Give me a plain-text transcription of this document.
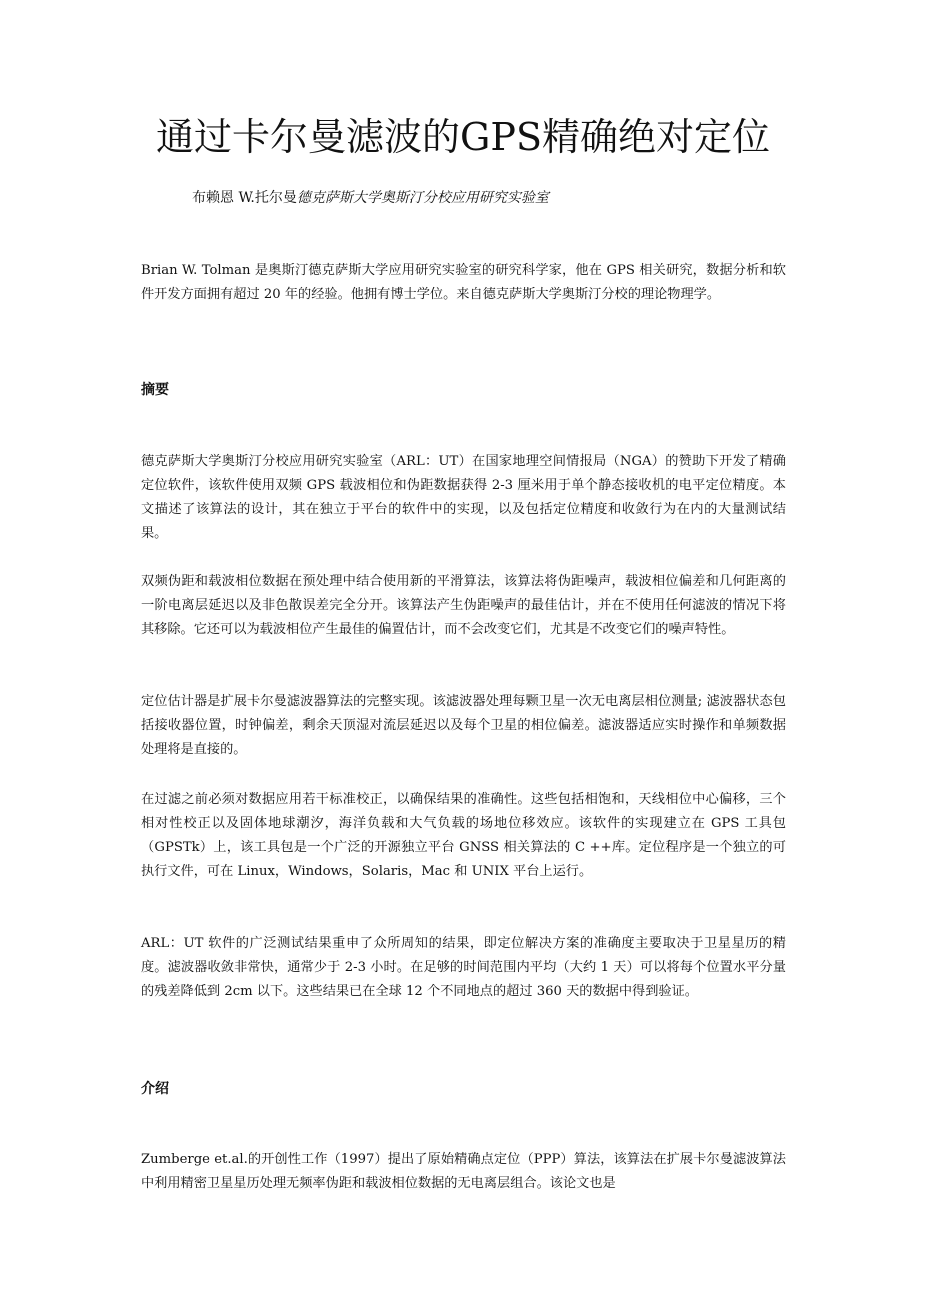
通过卡尔曼滤波的GPS精确绝对定位
布赖恩 W.托尔曼德克萨斯大学奥斯汀分校应用研究实验室

Brian W. Tolman 是奥斯汀德克萨斯大学应用研究实验室的研究科学家，他在 GPS 相关研究，数据分析和软件开发方面拥有超过 20 年的经验。他拥有博士学位。来自德克萨斯大学奥斯汀分校的理论物理学。

摘要

德克萨斯大学奥斯汀分校应用研究实验室（ARL：UT）在国家地理空间情报局（NGA）的赞助下开发了精确定位软件，该软件使用双频 GPS 载波相位和伪距数据获得 2-3 厘米用于单个静态接收机的电平定位精度。本文描述了该算法的设计，其在独立于平台的软件中的实现，以及包括定位精度和收敛行为在内的大量测试结果。

双频伪距和载波相位数据在预处理中结合使用新的平滑算法，该算法将伪距噪声，载波相位偏差和几何距离的一阶电离层延迟以及非色散误差完全分开。该算法产生伪距噪声的最佳估计，并在不使用任何滤波的情况下将其移除。它还可以为载波相位产生最佳的偏置估计，而不会改变它们，尤其是不改变它们的噪声特性。

定位估计器是扩展卡尔曼滤波器算法的完整实现。该滤波器处理每颗卫星一次无电离层相位测量; 滤波器状态包括接收器位置，时钟偏差，剩余天顶湿对流层延迟以及每个卫星的相位偏差。滤波器适应实时操作和单频数据处理将是直接的。

在过滤之前必须对数据应用若干标准校正，以确保结果的准确性。这些包括相饱和，天线相位中心偏移，三个相对性校正以及固体地球潮汐，海洋负载和大气负载的场地位移效应。该软件的实现建立在 GPS 工具包（GPSTk）上，该工具包是一个广泛的开源独立平台 GNSS 相关算法的 C ++库。定位程序是一个独立的可执行文件，可在 Linux，Windows，Solaris，Mac 和 UNIX 平台上运行。

ARL：UT 软件的广泛测试结果重申了众所周知的结果，即定位解决方案的准确度主要取决于卫星星历的精度。滤波器收敛非常快，通常少于 2-3 小时。在足够的时间范围内平均（大约 1 天）可以将每个位置水平分量的残差降低到 2cm 以下。这些结果已在全球 12 个不同地点的超过 360 天的数据中得到验证。

介绍

Zumberge et.al.的开创性工作（1997）提出了原始精确点定位（PPP）算法，该算法在扩展卡尔曼滤波算法中利用精密卫星星历处理无频率伪距和载波相位数据的无电离层组合。该论文也是
